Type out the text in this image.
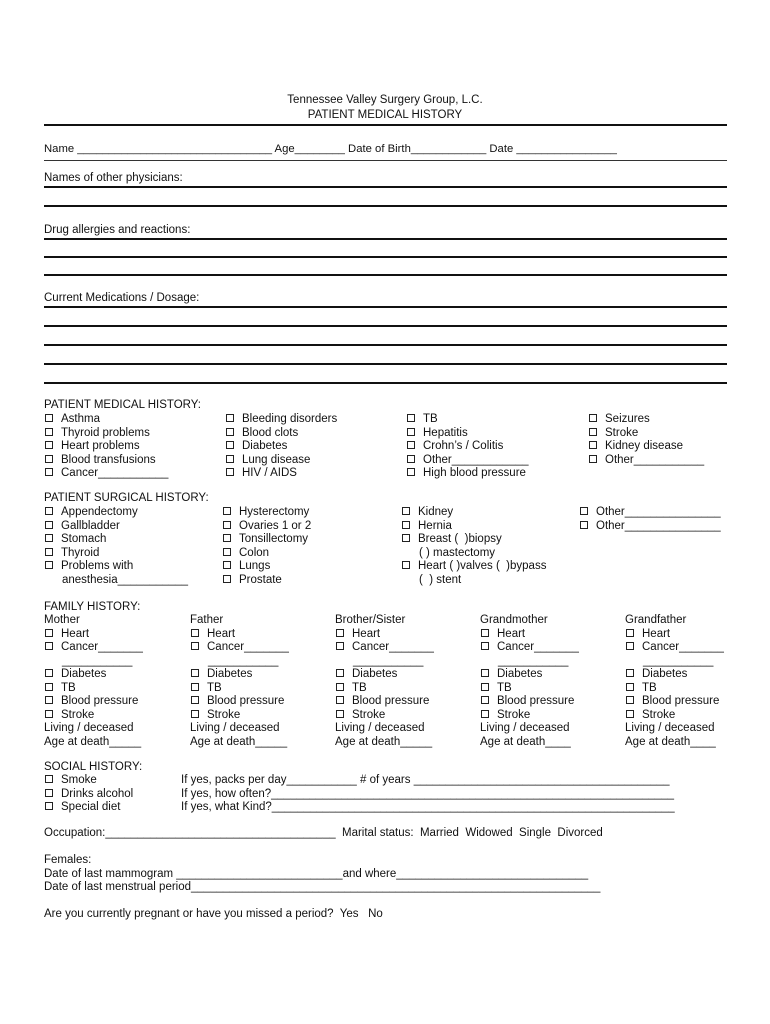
Tennessee Valley Surgery Group, L.C.
PATIENT MEDICAL HISTORY
Name _______________________________ Age________ Date of Birth____________ Date ________________
Names of other physicians:
Drug allergies and reactions:
Current Medications / Dosage:
PATIENT MEDICAL HISTORY:
Asthma
Thyroid problems
Heart problems
Blood transfusions
Cancer___________
Bleeding disorders
Blood clots
Diabetes
Lung disease
HIV / AIDS
TB
Hepatitis
Crohn’s / Colitis
Other____________
High blood pressure
Seizures
Stroke
Kidney disease
Other___________
PATIENT SURGICAL HISTORY:
Appendectomy
Gallbladder
Stomach
Thyroid
Problems with
anesthesia___________
Hysterectomy
Ovaries 1 or 2
Tonsillectomy
Colon
Lungs
Prostate
Kidney
Hernia
Breast (  )biopsy
( ) mastectomy
Heart ( )valves (  )bypass
(  ) stent
Other_______________
Other_______________
FAMILY HISTORY:
Mother
Heart
Cancer_______
___________
Diabetes
TB
Blood pressure
Stroke
Living / deceased
Age at death_____
Father
Heart
Cancer_______
___________
Diabetes
TB
Blood pressure
Stroke
Living / deceased
Age at death_____
Brother/Sister
Heart
Cancer_______
___________
Diabetes
TB
Blood pressure
Stroke
Living / deceased
Age at death_____
Grandmother
Heart
Cancer_______
___________
Diabetes
TB
Blood pressure
Stroke
Living / deceased
Age at death____
Grandfather
Heart
Cancer_______
___________
Diabetes
TB
Blood pressure
Stroke
Living / deceased
Age at death____
SOCIAL HISTORY:
Smoke
Drinks alcohol
Special diet
If yes, packs per day___________ # of years ________________________________________
If yes, how often?_______________________________________________________________
If yes, what Kind?_______________________________________________________________
Occupation:____________________________________  Marital status:  Married  Widowed  Single  Divorced
Females:
Date of last mammogram __________________________and where______________________________
Date of last menstrual period________________________________________________________________
Are you currently pregnant or have you missed a period?  Yes   No
